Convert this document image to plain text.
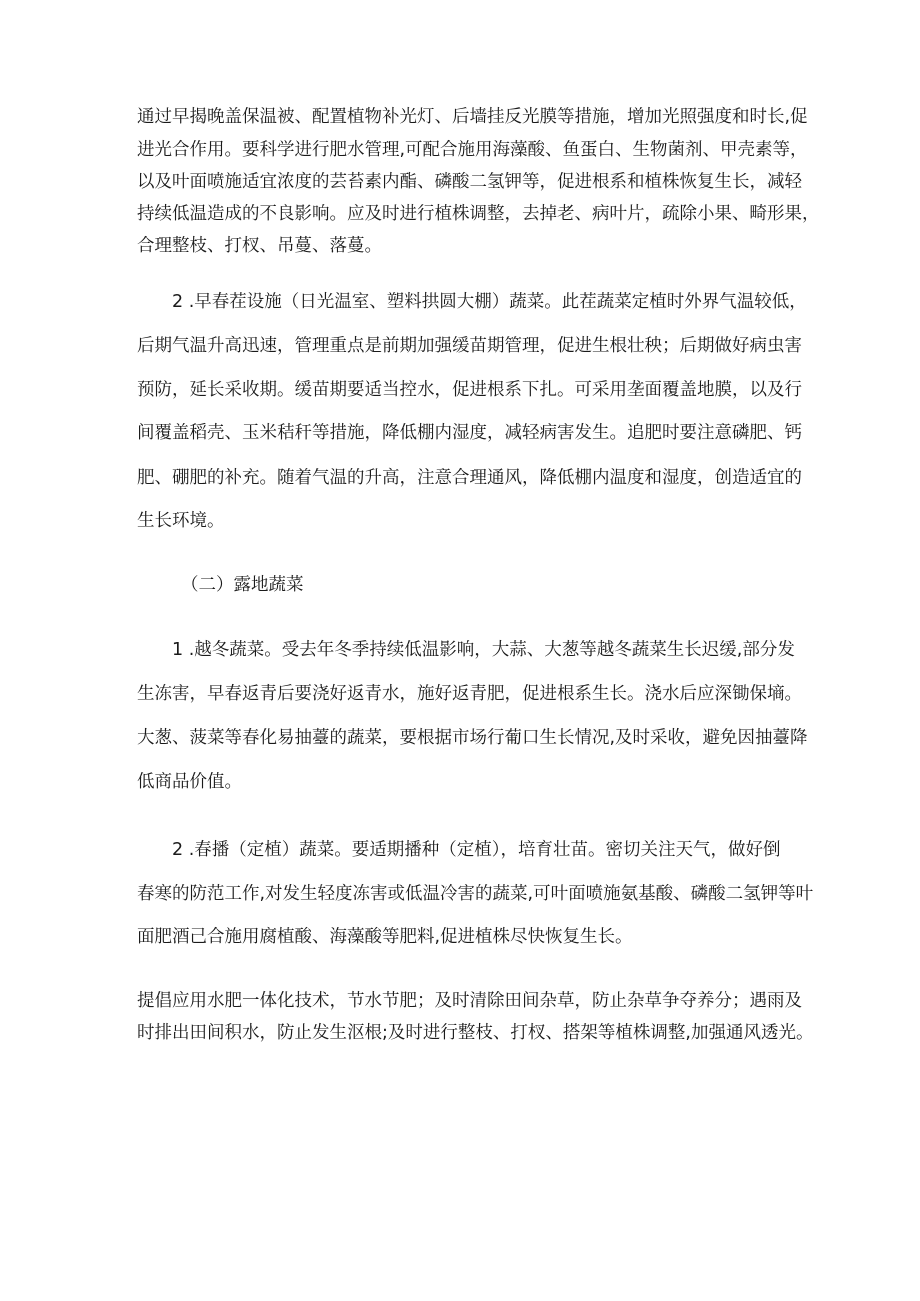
通过早揭晚盖保温被、配置植物补光灯、后墙挂反光膜等措施，增加光照强度和时长,促
进光合作用。要科学进行肥水管理,可配合施用海藻酸、鱼蛋白、生物菌剂、甲壳素等，
以及叶面喷施适宜浓度的芸苔素内酯、磷酸二氢钾等，促进根系和植株恢复生长，减轻
持续低温造成的不良影响。应及时进行植株调整，去掉老、病叶片，疏除小果、畸形果，
合理整枝、打杈、吊蔓、落蔓。
2 .早春茬设施（日光温室、塑料拱圆大棚）蔬菜。此茬蔬菜定植时外界气温较低，
后期气温升高迅速，管理重点是前期加强缓苗期管理，促进生根壮秧；后期做好病虫害
预防，延长采收期。缓苗期要适当控水，促进根系下扎。可采用垄面覆盖地膜，以及行
间覆盖稻壳、玉米秸秆等措施，降低棚内湿度，减轻病害发生。追肥时要注意磷肥、钙
肥、硼肥的补充。随着气温的升高，注意合理通风，降低棚内温度和湿度，创造适宜的
生长环境。
（二）露地蔬菜
1 .越冬蔬菜。受去年冬季持续低温影响，大蒜、大葱等越冬蔬菜生长迟缓,部分发
生冻害，早春返青后要浇好返青水，施好返青肥，促进根系生长。浇水后应深锄保墒。
大葱、菠菜等春化易抽薹的蔬菜，要根据市场行葡口生长情况,及时采收，避免因抽薹降
低商品价值。
2 .春播（定植）蔬菜。要适期播种（定植），培育壮苗。密切关注天气，做好倒
春寒的防范工作,对发生轻度冻害或低温冷害的蔬菜,可叶面喷施氨基酸、磷酸二氢钾等叶
面肥酒己合施用腐植酸、海藻酸等肥料,促进植株尽快恢复生长。
提倡应用水肥一体化技术，节水节肥；及时清除田间杂草，防止杂草争夺养分；遇雨及
时排出田间积水，防止发生沤根;及时进行整枝、打杈、搭架等植株调整,加强通风透光。
